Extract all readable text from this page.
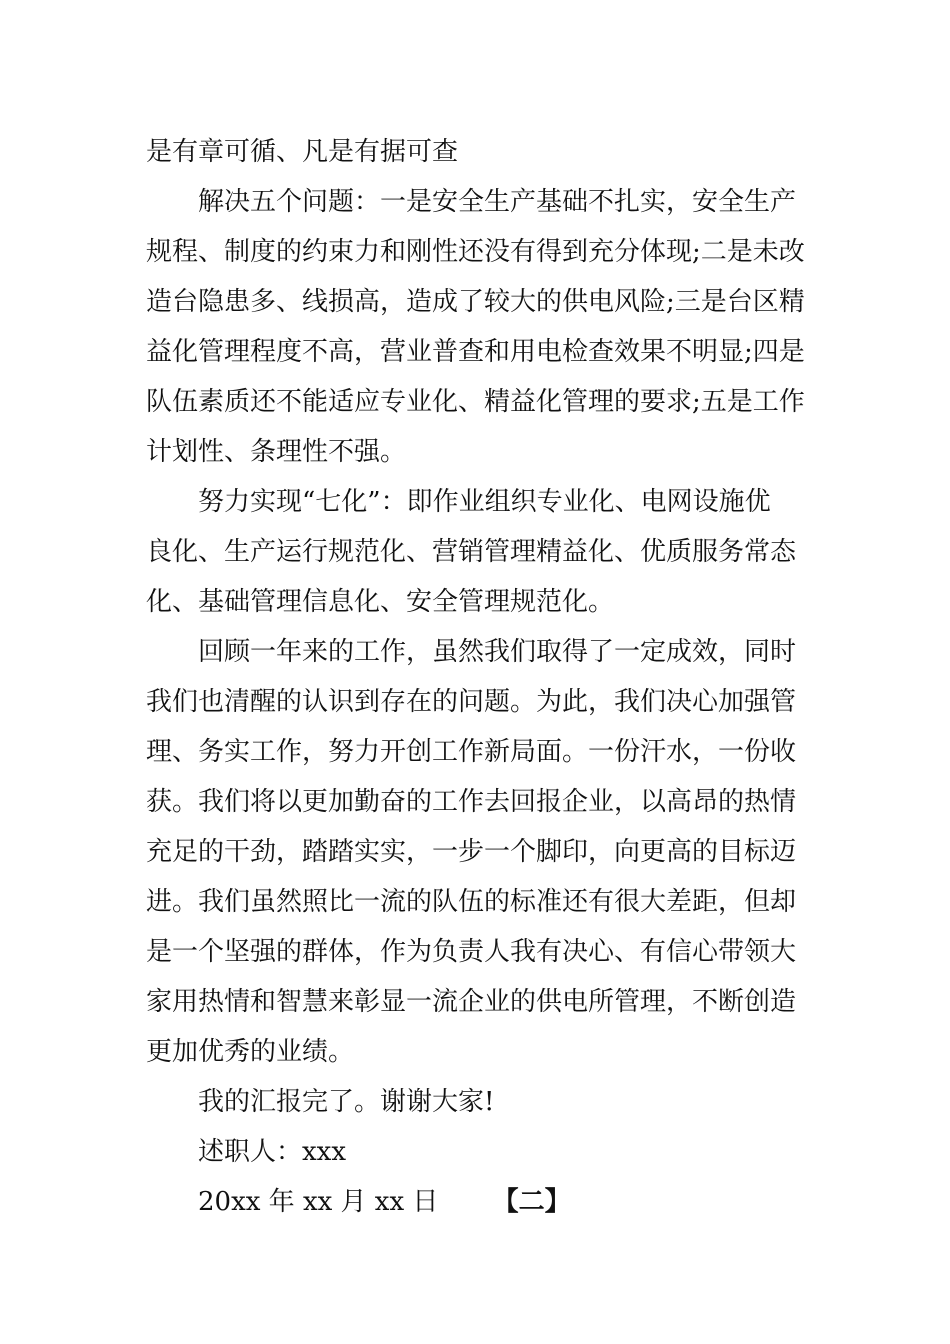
是有章可循、凡是有据可查
解决五个问题：一是安全生产基础不扎实，安全生产
规程、制度的约束力和刚性还没有得到充分体现;二是未改
造台隐患多、线损高，造成了较大的供电风险;三是台区精
益化管理程度不高，营业普查和用电检查效果不明显;四是
队伍素质还不能适应专业化、精益化管理的要求;五是工作
计划性、条理性不强。
努力实现“七化”：即作业组织专业化、电网设施优
良化、生产运行规范化、营销管理精益化、优质服务常态
化、基础管理信息化、安全管理规范化。
回顾一年来的工作，虽然我们取得了一定成效，同时
我们也清醒的认识到存在的问题。为此，我们决心加强管
理、务实工作，努力开创工作新局面。一份汗水，一份收
获。我们将以更加勤奋的工作去回报企业，以高昂的热情
充足的干劲，踏踏实实，一步一个脚印，向更高的目标迈
进。我们虽然照比一流的队伍的标准还有很大差距，但却
是一个坚强的群体，作为负责人我有决心、有信心带领大
家用热情和智慧来彰显一流企业的供电所管理，不断创造
更加优秀的业绩。
我的汇报完了。谢谢大家!
述职人：xxx
20xx 年 xx 月 xx 日 【二】
